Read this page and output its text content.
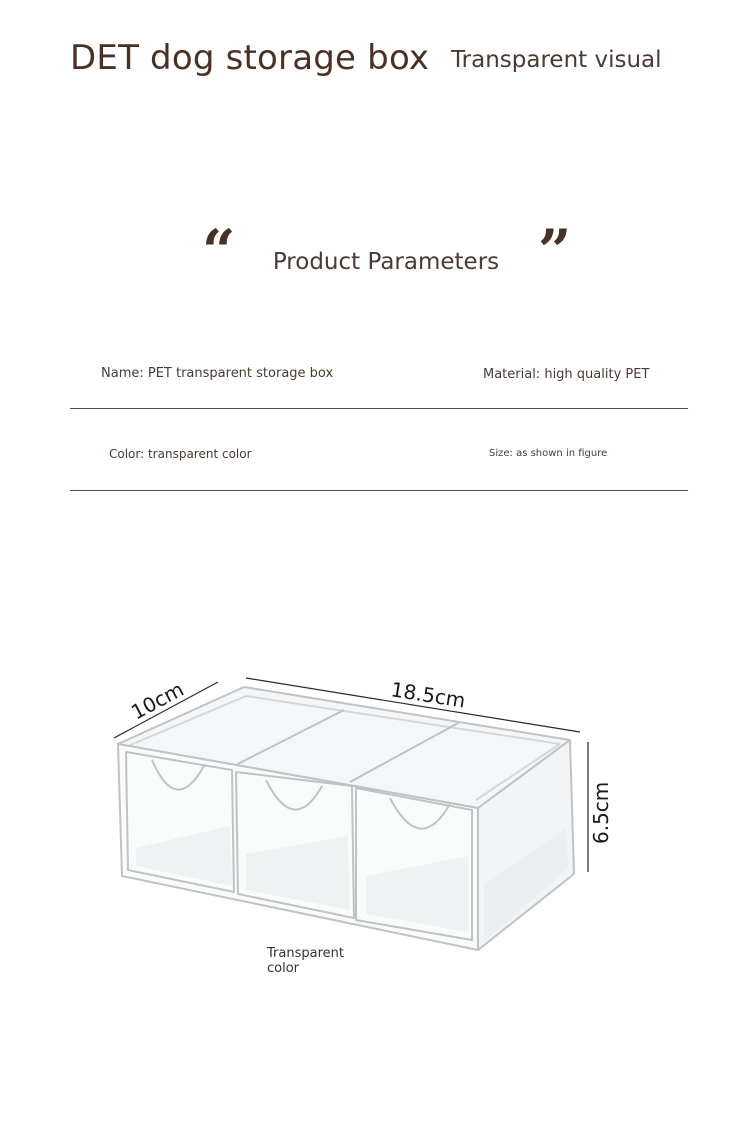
DET dog storage box Transparent visual
“	”
Product Parameters
Name: PET transparent storage box	Material: high quality PET
Color: transparent color	Size: as shown in figure
10cm	18.5cm
6.5cm
Transparent color
